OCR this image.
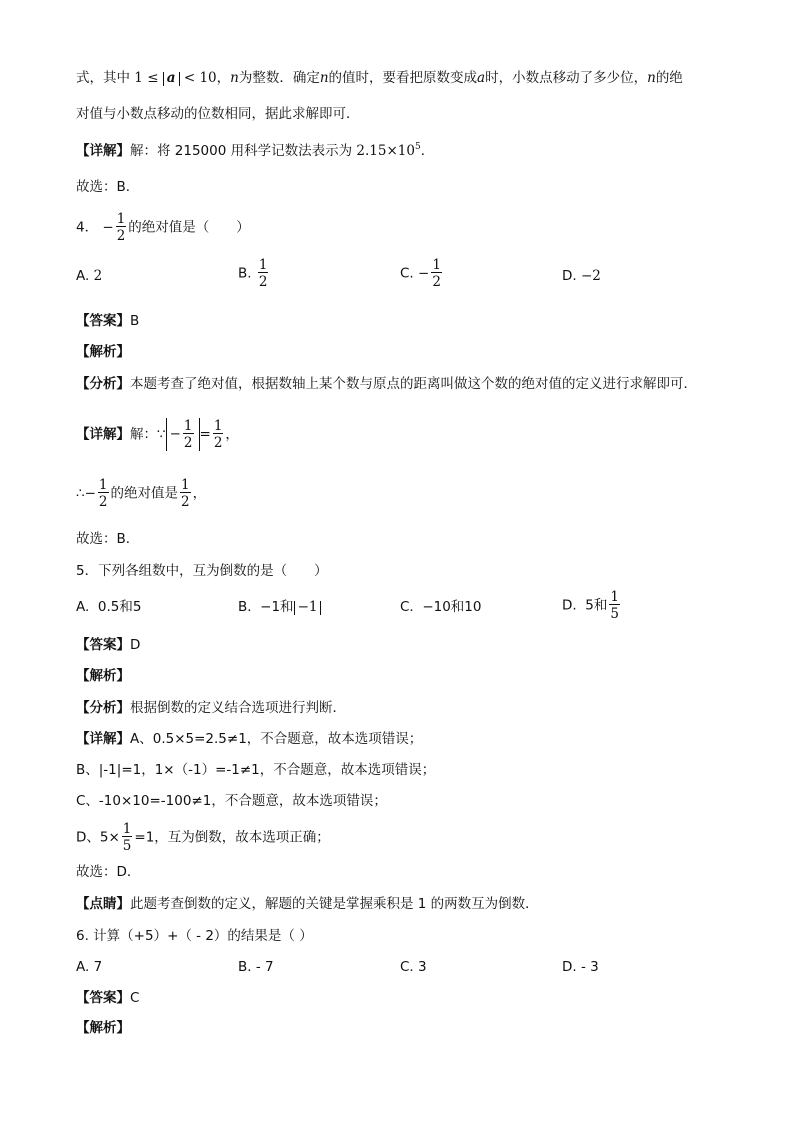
式，其中 1 ≤ a < 10，n为整数．确定n的值时，要看把原数变成a时，小数点移动了多少位，n的绝
对值与小数点移动的位数相同，据此求解即可．
【详解】解：将 215000 用科学记数法表示为 $2.15\times 10^5$．
故选：B．
4． − $\frac{1}{2}$ 的绝对值是（　　）
A. 2	B. $\frac{1}{2}$	C. − $\frac{1}{2}$	D. −2
【答案】B
【解析】
【分析】本题考查了绝对值，根据数轴上某个数与原点的距离叫做这个数的绝对值的定义进行求解即可．
【详解】解：∵ − $\frac{1}{2} = \frac{1}{2}$ ，
∴− $\frac{1}{2}$ 的绝对值是 $\frac{1}{2}$ ，
故选：B．
5．下列各组数中，互为倒数的是（　　）
A. 0.5和5	B. −1和 −1	C. −10和10	D. 5和 $\frac{1}{5}$
【答案】D
【解析】
【分析】根据倒数的定义结合选项进行判断．
【详解】A、0.5×5=2.5≠1，不合题意，故本选项错误；
B、|-1|=1，1×（-1）=-1≠1，不合题意，故本选项错误；
C、-10×10=-100≠1，不合题意，故本选项错误；
D、$5\times \frac{1}{5} =1$，互为倒数，故本选项正确；
故选：D．
【点睛】此题考查倒数的定义，解题的关键是掌握乘积是 1 的两数互为倒数．
6. 计算（+5）+（ - 2）的结果是（ ）
A. 7	B. - 7	C. 3	D. - 3
【答案】C
【解析】
